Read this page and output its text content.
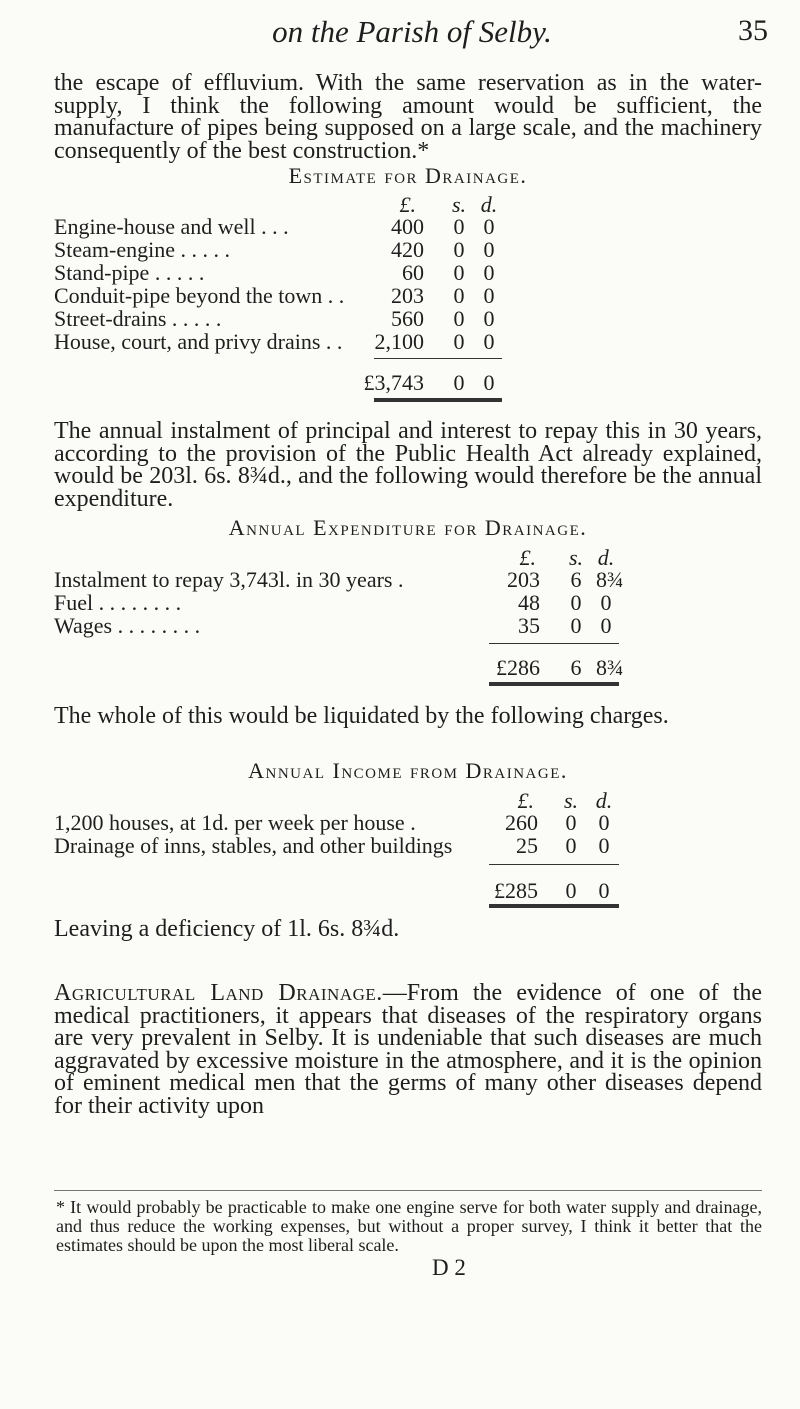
on the Parish of Selby.	35

the escape of effluvium. With the same reservation as in the water-supply, I think the following amount would be sufficient, the manufacture of pipes being supposed on a large scale, and the machinery consequently of the best construction.*

Estimate for Drainage.
£. s. d.
Engine-house and well . . .	400 0 0
Steam-engine . . . . .	420 0 0
Stand-pipe . . . . .	60 0 0
Conduit-pipe beyond the town . .	203 0 0
Street-drains . . . . .	560 0 0
House, court, and privy drains . .	2,100 0 0
£3,743 0 0

The annual instalment of principal and interest to repay this in 30 years, according to the provision of the Public Health Act already explained, would be 203l. 6s. 8¾d., and the following would therefore be the annual expenditure.

Annual Expenditure for Drainage.
£. s. d.
Instalment to repay 3,743l. in 30 years .	203 6 8¾
Fuel . . . . . . . .	48 0 0
Wages . . . . . . . .	35 0 0
£286 6 8¾

The whole of this would be liquidated by the following charges.

Annual Income from Drainage.
£. s. d.
1,200 houses, at 1d. per week per house .	260 0 0
Drainage of inns, stables, and other buildings	25 0 0
£285 0 0

Leaving a deficiency of 1l. 6s. 8¾d.

Agricultural Land Drainage.—From the evidence of one of the medical practitioners, it appears that diseases of the respiratory organs are very prevalent in Selby. It is undeniable that such diseases are much aggravated by excessive moisture in the atmosphere, and it is the opinion of eminent medical men that the germs of many other diseases depend for their activity upon

* It would probably be practicable to make one engine serve for both water supply and drainage, and thus reduce the working expenses, but without a proper survey, I think it better that the estimates should be upon the most liberal scale.

D 2
